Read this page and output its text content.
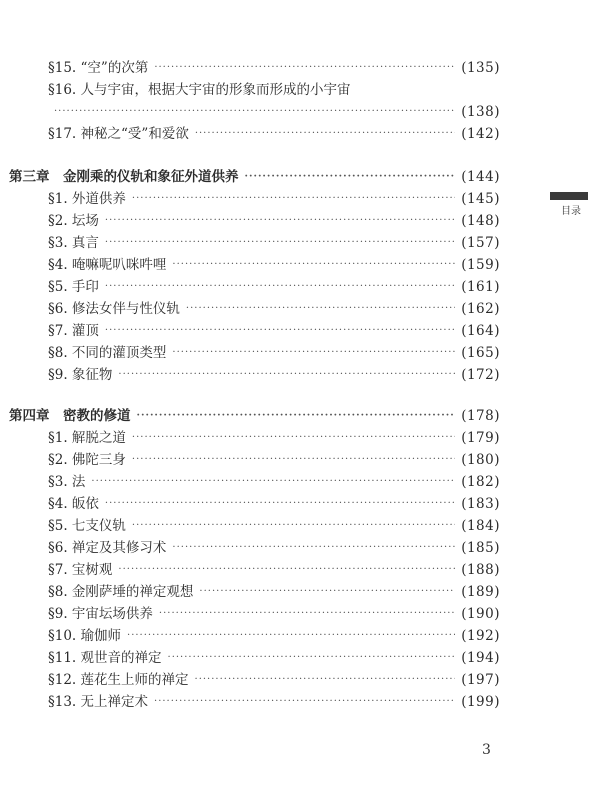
§15. “空”的次第 ·····	(135)
§16. 人与宇宙，根据大宇宙的形象而形成的小宇宙
·····
(138)
§17. 神秘之“受”和爱欲 ·····	(142)
第三章　金刚乘的仪轨和象征外道供养 ·····	(144)
§1. 外道供养 ·····	(145)
§2. 坛场 ·····	(148)
§3. 真言 ·····	(157)
§4. 唵嘛呢叭咪吽哩 ·····	(159)
§5. 手印 ·····	(161)
§6. 修法女伴与性仪轨 ·····	(162)
§7. 灌顶 ·····	(164)
§8. 不同的灌顶类型 ·····	(165)
§9. 象征物 ·····	(172)
第四章　密教的修道 ·····	(178)
§1. 解脱之道 ·····	(179)
§2. 佛陀三身 ·····	(180)
§3. 法 ·····	(182)
§4. 皈依 ·····	(183)
§5. 七支仪轨 ·····	(184)
§6. 禅定及其修习术 ·····	(185)
§7. 宝树观 ·····	(188)
§8. 金刚萨埵的禅定观想 ·····	(189)
§9. 宇宙坛场供养 ·····	(190)
§10. 瑜伽师 ·····	(192)
§11. 观世音的禅定 ·····	(194)
§12. 莲花生上师的禅定 ·····	(197)
§13. 无上禅定术 ·····	(199)
目录
3
